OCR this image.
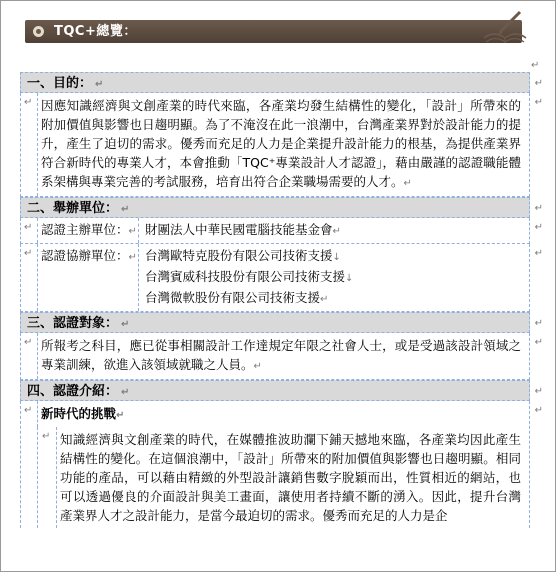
TQC+總覽：
↵
一、目的： ↵	↵
↵ 因應知識經濟與文創產業的時代來臨，各產業均發生結構性的變化，「設計」所帶來的附加價值與影響也日趨明顯。為了不淹沒在此一浪潮中，台灣產業界對於設計能力的提升，產生了迫切的需求。優秀而充足的人力是企業提升設計能力的根基，為提供產業界符合新時代的專業人才，本會推動「TQC⁺專業設計人才認證」，藉由嚴謹的認證職能體系架構與專業完善的考試服務，培育出符合企業職場需要的人才。↵
↵
二、舉辦單位： ↵	↵
↵ 認證主辦單位：↵ 財團法人中華民國電腦技能基金會↵	↵
↵ 認證協辦單位：↵ 台灣歐特克股份有限公司技術支援↓
台灣賓威科技股份有限公司技術支援↓
台灣微軟股份有限公司技術支援↵
↵
三、認證對象： ↵	↵
↵ 所報考之科目，應已從事相關設計工作達規定年限之社會人士，或是受過該設計領域之專業訓練，欲進入該領域就職之人員。↵
↵
四、認證介紹： ↵	↵
↵ 新時代的挑戰↵
↵ 知識經濟與文創產業的時代，在媒體推波助瀾下鋪天撼地來臨，各產業均因此產生結構性的變化。在這個浪潮中，「設計」所帶來的附加價值與影響也日趨明顯。相同功能的產品，可以藉由精緻的外型設計讓銷售數字脫穎而出，性質相近的網站，也可以透過優良的介面設計與美工畫面，讓使用者持續不斷的湧入。因此，提升台灣產業界人才之設計能力，是當今最迫切的需求。優秀而充足的人力是企
↵
